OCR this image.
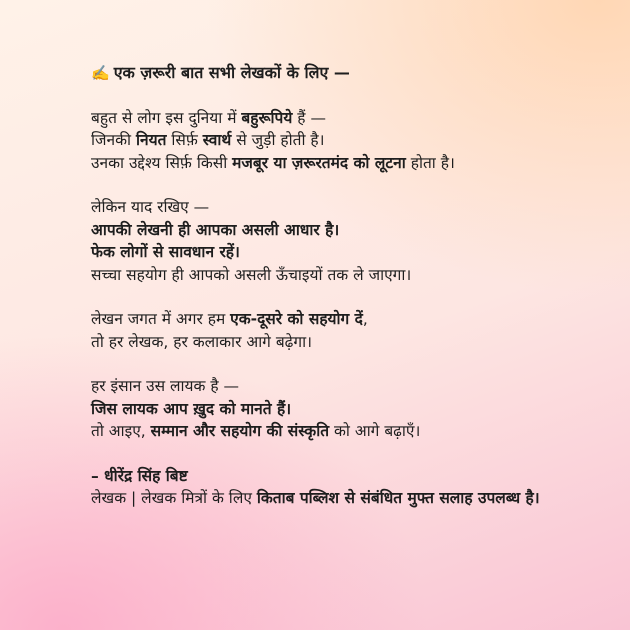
✍️ एक ज़रूरी बात सभी लेखकों के लिए —
बहुत से लोग इस दुनिया में बहुरूपिये हैं —
जिनकी नियत सिर्फ़ स्वार्थ से जुड़ी होती है।
उनका उद्देश्य सिर्फ़ किसी मजबूर या ज़रूरतमंद को लूटना होता है।
लेकिन याद रखिए —
आपकी लेखनी ही आपका असली आधार है।
फेक लोगों से सावधान रहें।
सच्चा सहयोग ही आपको असली ऊँचाइयों तक ले जाएगा।
लेखन जगत में अगर हम एक-दूसरे को सहयोग दें,
तो हर लेखक, हर कलाकार आगे बढ़ेगा।
हर इंसान उस लायक है —
जिस लायक आप ख़ुद को मानते हैं।
तो आइए, सम्मान और सहयोग की संस्कृति को आगे बढ़ाएँ।
– धीरेंद्र सिंह बिष्ट
लेखक | लेखक मित्रों के लिए किताब पब्लिश से संबंधित मुफ्त सलाह उपलब्ध है।
